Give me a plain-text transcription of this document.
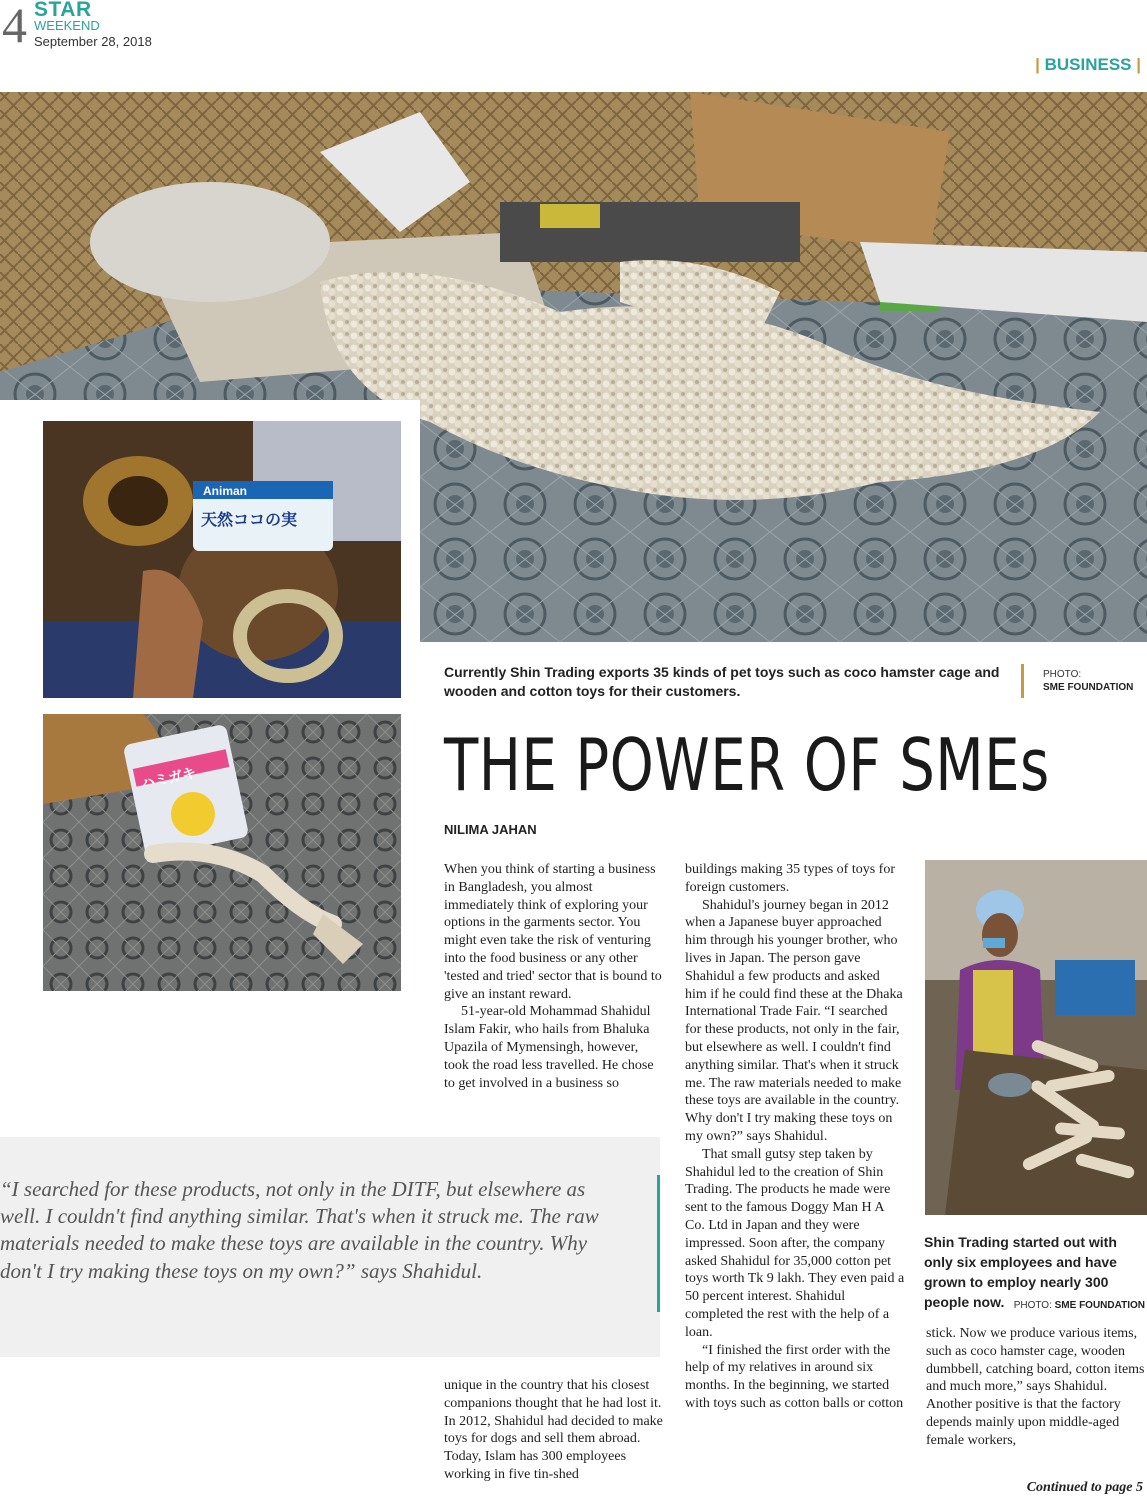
4 STAR
WEEKEND
September 28, 2018
| BUSINESS |
Animan
天然ココの実
ハミガキ
Currently Shin Trading exports 35 kinds of pet toys such as coco hamster cage and wooden and cotton toys for their customers.
PHOTO:
SME FOUNDATION
THE POWER OF SMEs
NILIMA JAHAN

When you think of starting a business in Bangladesh, you almost immediately think of exploring your options in the garments sector. You might even take the risk of venturing into the food business or any other 'tested and tried' sector that is bound to give an instant reward.

51-year-old Mohammad Shahidul Islam Fakir, who hails from Bhaluka Upazila of Mymensingh, however, took the road less travelled. He chose to get involved in a business so

“I searched for these products, not only in the DITF, but elsewhere as well. I couldn't find anything similar. That's when it struck me. The raw materials needed to make these toys are available in the country. Why don't I try making these toys on my own?” says Shahidul.

unique in the country that his closest companions thought that he had lost it. In 2012, Shahidul had decided to make toys for dogs and sell them abroad. Today, Islam has 300 employees working in five tin-shed

buildings making 35 types of toys for foreign customers.

Shahidul's journey began in 2012 when a Japanese buyer approached him through his younger brother, who lives in Japan. The person gave Shahidul a few products and asked him if he could find these at the Dhaka International Trade Fair. “I searched for these products, not only in the fair, but elsewhere as well. I couldn't find anything similar. That's when it struck me. The raw materials needed to make these toys are available in the country. Why don't I try making these toys on my own?” says Shahidul.

That small gutsy step taken by Shahidul led to the creation of Shin Trading. The products he made were sent to the famous Doggy Man H A Co. Ltd in Japan and they were impressed. Soon after, the company asked Shahidul for 35,000 cotton pet toys worth Tk 9 lakh. They even paid a 50 percent interest. Shahidul completed the rest with the help of a loan.

“I finished the first order with the help of my relatives in around six months. In the beginning, we started with toys such as cotton balls or cotton

Shin Trading started out with only six employees and have grown to employ nearly 300 people now. PHOTO: SME FOUNDATION

stick. Now we produce various items, such as coco hamster cage, wooden dumbbell, catching board, cotton items and much more,” says Shahidul. Another positive is that the factory depends mainly upon middle-aged female workers,

Continued to page 5
